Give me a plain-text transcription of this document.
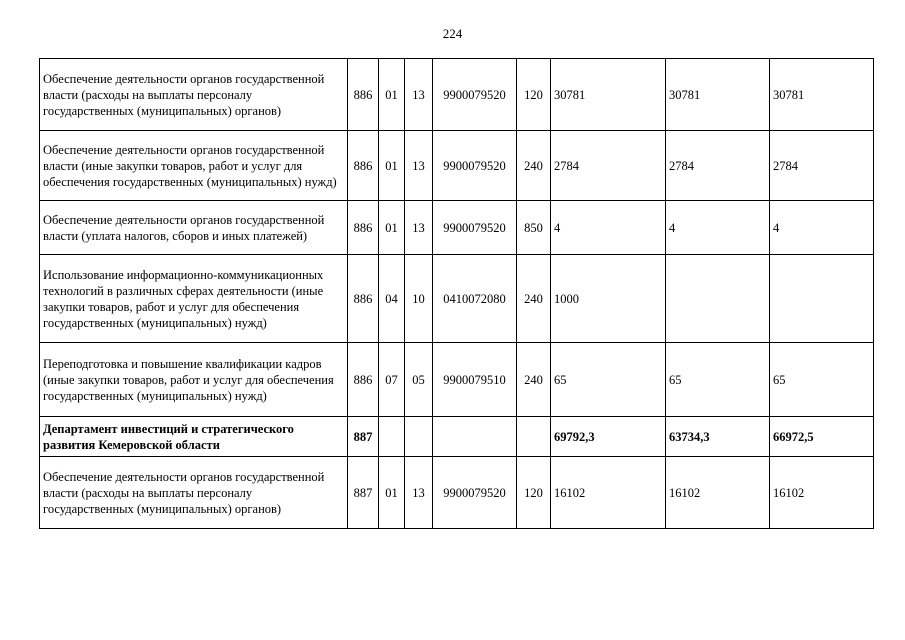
224
Обеспечение деятельности органов государственной власти (расходы на выплаты персоналу государственных (муниципальных) органов)	886	01	13	9900079520	120	30781	30781	30781
Обеспечение деятельности органов государственной власти (иные закупки товаров, работ и услуг для обеспечения государственных (муниципальных) нужд)	886	01	13	9900079520	240	2784	2784	2784
Обеспечение деятельности органов государственной власти (уплата налогов, сборов и иных платежей)	886	01	13	9900079520	850	4	4	4
Использование информационно-коммуникационных технологий в различных сферах деятельности (иные закупки товаров, работ и услуг для обеспечения государственных (муниципальных) нужд)	886	04	10	0410072080	240	1000		
Переподготовка и повышение квалификации кадров (иные закупки товаров, работ и услуг для обеспечения государственных (муниципальных) нужд)	886	07	05	9900079510	240	65	65	65
Департамент инвестиций и стратегического развития Кемеровской области	887					69792,3	63734,3	66972,5
Обеспечение деятельности органов государственной власти (расходы на выплаты персоналу государственных (муниципальных) органов)	887	01	13	9900079520	120	16102	16102	16102
